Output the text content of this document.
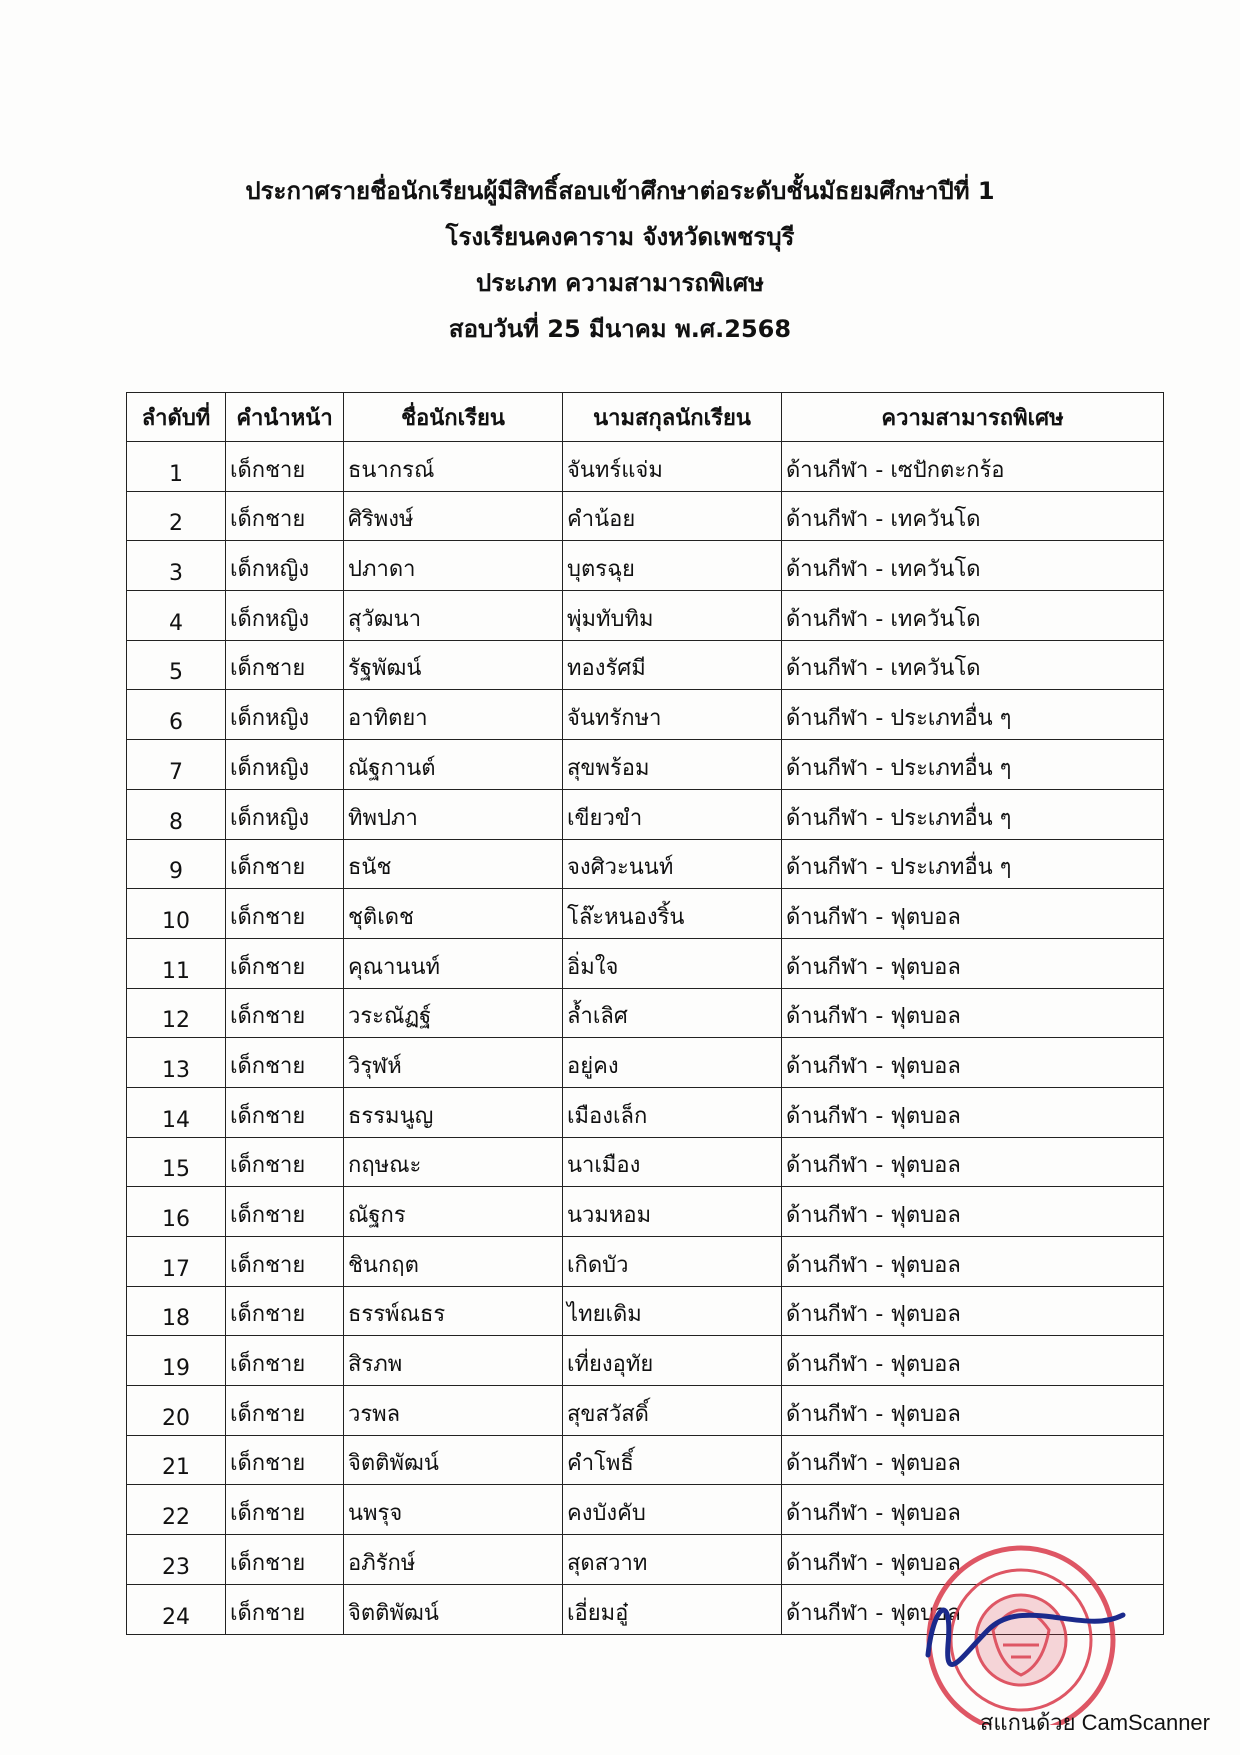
ประกาศรายชื่อนักเรียนผู้มีสิทธิ์สอบเข้าศึกษาต่อระดับชั้นมัธยมศึกษาปีที่ 1
โรงเรียนคงคาราม จังหวัดเพชรบุรี
ประเภท ความสามารถพิเศษ
สอบวันที่ 25 มีนาคม พ.ศ.2568
ลำดับที่	คำนำหน้า	ชื่อนักเรียน	นามสกุลนักเรียน	ความสามารถพิเศษ
1	เด็กชาย	ธนากรณ์	จันทร์แจ่ม	ด้านกีฬา - เซปักตะกร้อ
2	เด็กชาย	ศิริพงษ์	คำน้อย	ด้านกีฬา - เทควันโด
3	เด็กหญิง	ปภาดา	บุตรฉุย	ด้านกีฬา - เทควันโด
4	เด็กหญิง	สุวัฒนา	พุ่มทับทิม	ด้านกีฬา - เทควันโด
5	เด็กชาย	รัฐพัฒน์	ทองรัศมี	ด้านกีฬา - เทควันโด
6	เด็กหญิง	อาทิตยา	จันทรักษา	ด้านกีฬา - ประเภทอื่น ๆ
7	เด็กหญิง	ณัฐกานต์	สุขพร้อม	ด้านกีฬา - ประเภทอื่น ๆ
8	เด็กหญิง	ทิพปภา	เขียวขำ	ด้านกีฬา - ประเภทอื่น ๆ
9	เด็กชาย	ธนัช	จงศิวะนนท์	ด้านกีฬา - ประเภทอื่น ๆ
10	เด็กชาย	ชุติเดช	โล๊ะหนองริ้น	ด้านกีฬา - ฟุตบอล
11	เด็กชาย	คุณานนท์	อิ่มใจ	ด้านกีฬา - ฟุตบอล
12	เด็กชาย	วระณัฏฐ์	ล้ำเลิศ	ด้านกีฬา - ฟุตบอล
13	เด็กชาย	วิรุฬห์	อยู่คง	ด้านกีฬา - ฟุตบอล
14	เด็กชาย	ธรรมนูญ	เมืองเล็ก	ด้านกีฬา - ฟุตบอล
15	เด็กชาย	กฤษณะ	นาเมือง	ด้านกีฬา - ฟุตบอล
16	เด็กชาย	ณัฐกร	นวมหอม	ด้านกีฬา - ฟุตบอล
17	เด็กชาย	ชินกฤต	เกิดบัว	ด้านกีฬา - ฟุตบอล
18	เด็กชาย	ธรรพ์ณธร	ไทยเดิม	ด้านกีฬา - ฟุตบอล
19	เด็กชาย	สิรภพ	เที่ยงอุทัย	ด้านกีฬา - ฟุตบอล
20	เด็กชาย	วรพล	สุขสวัสดิ์	ด้านกีฬา - ฟุตบอล
21	เด็กชาย	จิตติพัฒน์	คำโพธิ์	ด้านกีฬา - ฟุตบอล
22	เด็กชาย	นพรุจ	คงบังคับ	ด้านกีฬา - ฟุตบอล
23	เด็กชาย	อภิรักษ์	สุดสวาท	ด้านกีฬา - ฟุตบอล
24	เด็กชาย	จิตติพัฒน์	เอี่ยมอู๋	ด้านกีฬา - ฟุตบอล
สแกนด้วย CamScanner
